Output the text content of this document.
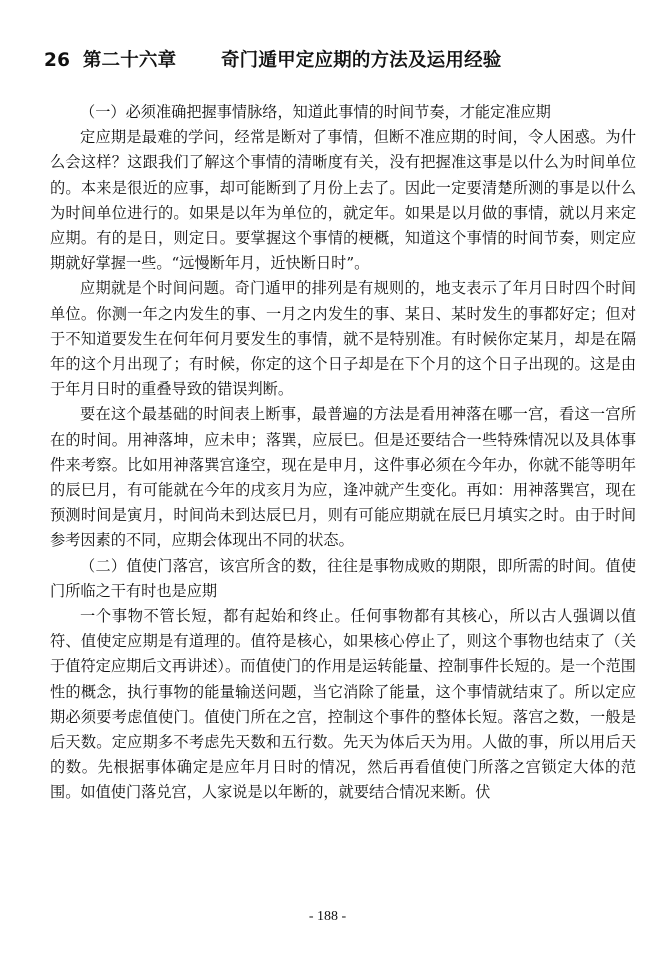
26 第二十六章 奇门遁甲定应期的方法及运用经验

（一）必须准确把握事情脉络，知道此事情的时间节奏，才能定准应期

定应期是最难的学问，经常是断对了事情，但断不准应期的时间，令人困惑。为什么会这样？这跟我们了解这个事情的清晰度有关，没有把握准这事是以什么为时间单位的。本来是很近的应事，却可能断到了月份上去了。因此一定要清楚所测的事是以什么为时间单位进行的。如果是以年为单位的，就定年。如果是以月做的事情，就以月来定应期。有的是日，则定日。要掌握这个事情的梗概，知道这个事情的时间节奏，则定应期就好掌握一些。“远慢断年月，近快断日时”。

应期就是个时间问题。奇门遁甲的排列是有规则的，地支表示了年月日时四个时间单位。你测一年之内发生的事、一月之内发生的事、某日、某时发生的事都好定；但对于不知道要发生在何年何月要发生的事情，就不是特别准。有时候你定某月，却是在隔年的这个月出现了；有时候，你定的这个日子却是在下个月的这个日子出现的。这是由于年月日时的重叠导致的错误判断。

要在这个最基础的时间表上断事，最普遍的方法是看用神落在哪一宫，看这一宫所在的时间。用神落坤，应未申；落巽，应辰巳。但是还要结合一些特殊情况以及具体事件来考察。比如用神落巽宫逢空，现在是申月，这件事必须在今年办，你就不能等明年的辰巳月，有可能就在今年的戌亥月为应，逢冲就产生变化。再如：用神落巽宫，现在预测时间是寅月，时间尚未到达辰巳月，则有可能应期就在辰巳月填实之时。由于时间参考因素的不同，应期会体现出不同的状态。

（二）值使门落宫，该宫所含的数，往往是事物成败的期限，即所需的时间。值使门所临之干有时也是应期

一个事物不管长短，都有起始和终止。任何事物都有其核心，所以古人强调以值符、值使定应期是有道理的。值符是核心，如果核心停止了，则这个事物也结束了（关于值符定应期后文再讲述）。而值使门的作用是运转能量、控制事件长短的。是一个范围性的概念，执行事物的能量输送问题，当它消除了能量，这个事情就结束了。所以定应期必须要考虑值使门。值使门所在之宫，控制这个事件的整体长短。落宫之数，一般是后天数。定应期多不考虑先天数和五行数。先天为体后天为用。人做的事，所以用后天的数。先根据事体确定是应年月日时的情况，然后再看值使门所落之宫锁定大体的范围。如值使门落兑宫，人家说是以年断的，就要结合情况来断。伏

- 188 -
